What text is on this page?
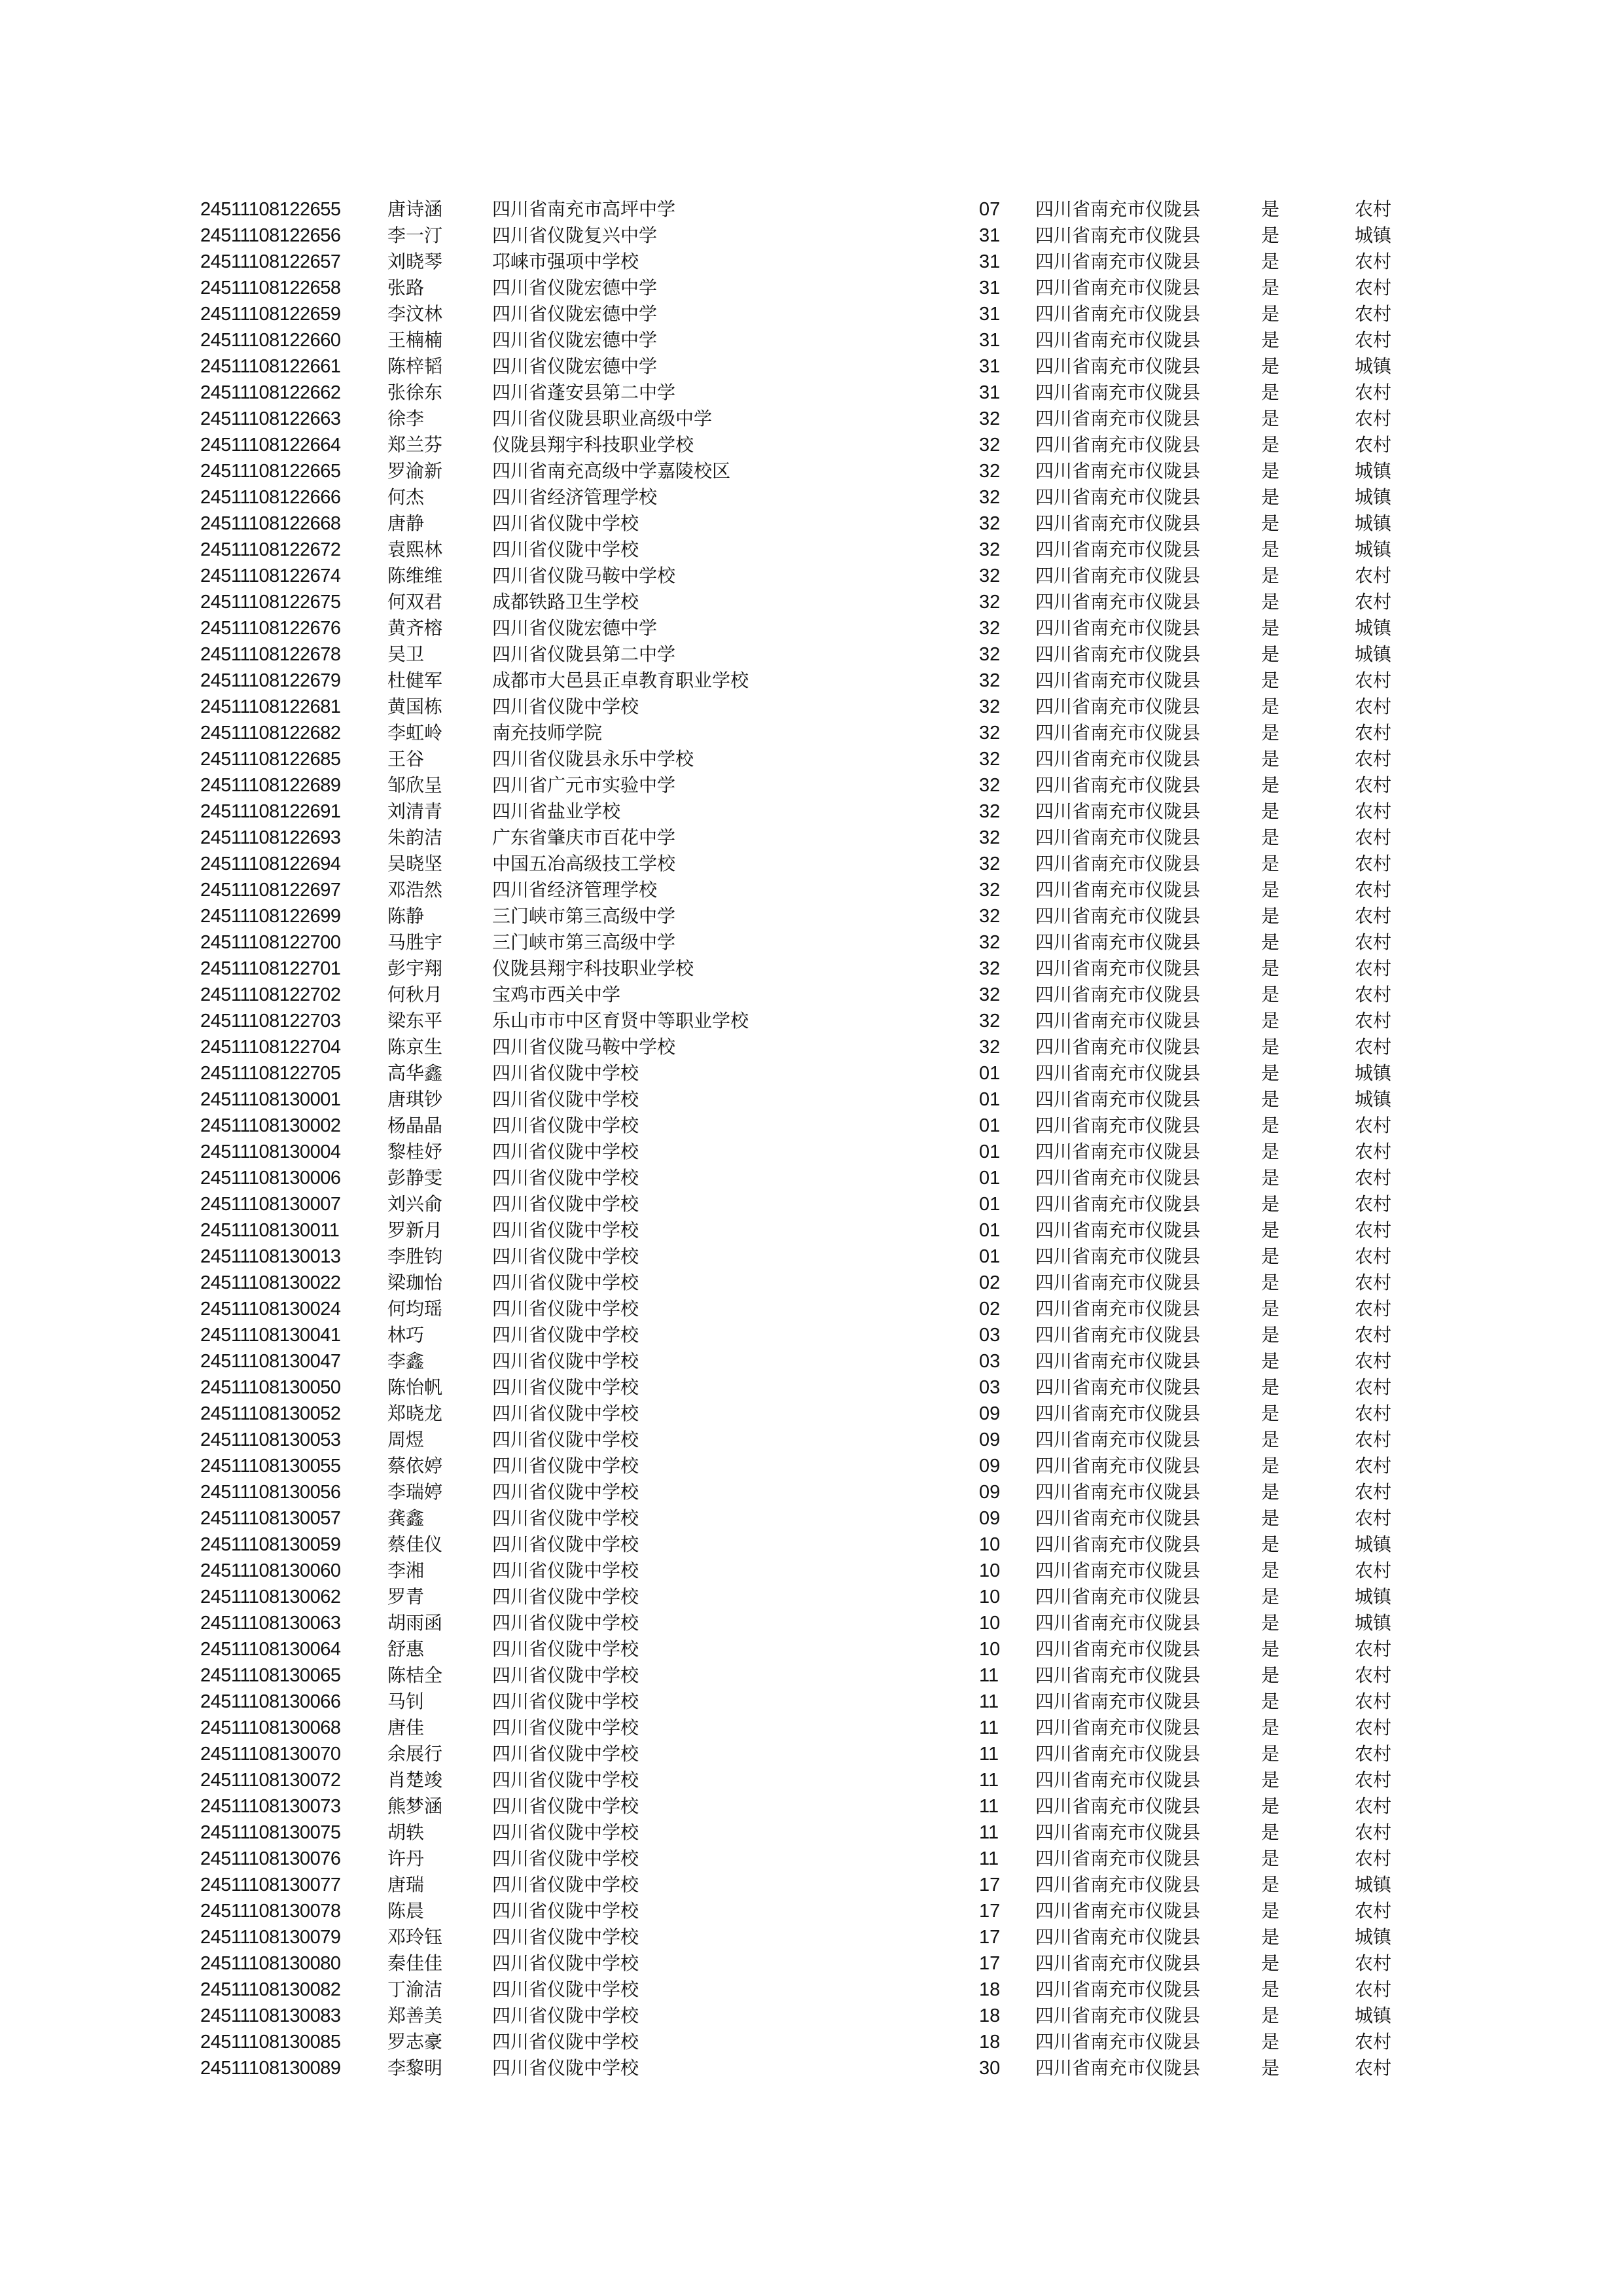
24511108122655	唐诗涵	四川省南充市高坪中学	07 四川省南充市仪陇县	是	农村
24511108122656	李一汀	四川省仪陇复兴中学	31 四川省南充市仪陇县	是	城镇
24511108122657	刘晓琴	邛崃市强项中学校	31 四川省南充市仪陇县	是	农村
24511108122658	张路	四川省仪陇宏德中学	31 四川省南充市仪陇县	是	农村
24511108122659	李汶林	四川省仪陇宏德中学	31 四川省南充市仪陇县	是	农村
24511108122660	王楠楠	四川省仪陇宏德中学	31 四川省南充市仪陇县	是	农村
24511108122661	陈梓韬	四川省仪陇宏德中学	31 四川省南充市仪陇县	是	城镇
24511108122662	张徐东	四川省蓬安县第二中学	31 四川省南充市仪陇县	是	农村
24511108122663	徐李	四川省仪陇县职业高级中学	32 四川省南充市仪陇县	是	农村
24511108122664	郑兰芬	仪陇县翔宇科技职业学校	32 四川省南充市仪陇县	是	农村
24511108122665	罗渝新	四川省南充高级中学嘉陵校区	32 四川省南充市仪陇县	是	城镇
24511108122666	何杰	四川省经济管理学校	32 四川省南充市仪陇县	是	城镇
24511108122668	唐静	四川省仪陇中学校	32 四川省南充市仪陇县	是	城镇
24511108122672	袁熙林	四川省仪陇中学校	32 四川省南充市仪陇县	是	城镇
24511108122674	陈维维	四川省仪陇马鞍中学校	32 四川省南充市仪陇县	是	农村
24511108122675	何双君	成都铁路卫生学校	32 四川省南充市仪陇县	是	农村
24511108122676	黄齐榕	四川省仪陇宏德中学	32 四川省南充市仪陇县	是	城镇
24511108122678	吴卫	四川省仪陇县第二中学	32 四川省南充市仪陇县	是	城镇
24511108122679	杜健军	成都市大邑县正卓教育职业学校	32 四川省南充市仪陇县	是	农村
24511108122681	黄国栋	四川省仪陇中学校	32 四川省南充市仪陇县	是	农村
24511108122682	李虹岭	南充技师学院	32 四川省南充市仪陇县	是	农村
24511108122685	王谷	四川省仪陇县永乐中学校	32 四川省南充市仪陇县	是	农村
24511108122689	邹欣呈	四川省广元市实验中学	32 四川省南充市仪陇县	是	农村
24511108122691	刘清青	四川省盐业学校	32 四川省南充市仪陇县	是	农村
24511108122693	朱韵洁	广东省肇庆市百花中学	32 四川省南充市仪陇县	是	农村
24511108122694	吴晓坚	中国五冶高级技工学校	32 四川省南充市仪陇县	是	农村
24511108122697	邓浩然	四川省经济管理学校	32 四川省南充市仪陇县	是	农村
24511108122699	陈静	三门峡市第三高级中学	32 四川省南充市仪陇县	是	农村
24511108122700	马胜宇	三门峡市第三高级中学	32 四川省南充市仪陇县	是	农村
24511108122701	彭宇翔	仪陇县翔宇科技职业学校	32 四川省南充市仪陇县	是	农村
24511108122702	何秋月	宝鸡市西关中学	32 四川省南充市仪陇县	是	农村
24511108122703	梁东平	乐山市市中区育贤中等职业学校	32 四川省南充市仪陇县	是	农村
24511108122704	陈京生	四川省仪陇马鞍中学校	32 四川省南充市仪陇县	是	农村
24511108122705	高华鑫	四川省仪陇中学校	01 四川省南充市仪陇县	是	城镇
24511108130001	唐琪钞	四川省仪陇中学校	01 四川省南充市仪陇县	是	城镇
24511108130002	杨晶晶	四川省仪陇中学校	01 四川省南充市仪陇县	是	农村
24511108130004	黎桂妤	四川省仪陇中学校	01 四川省南充市仪陇县	是	农村
24511108130006	彭静雯	四川省仪陇中学校	01 四川省南充市仪陇县	是	农村
24511108130007	刘兴俞	四川省仪陇中学校	01 四川省南充市仪陇县	是	农村
24511108130011	罗新月	四川省仪陇中学校	01 四川省南充市仪陇县	是	农村
24511108130013	李胜钧	四川省仪陇中学校	01 四川省南充市仪陇县	是	农村
24511108130022	梁珈怡	四川省仪陇中学校	02 四川省南充市仪陇县	是	农村
24511108130024	何均瑶	四川省仪陇中学校	02 四川省南充市仪陇县	是	农村
24511108130041	林巧	四川省仪陇中学校	03 四川省南充市仪陇县	是	农村
24511108130047	李鑫	四川省仪陇中学校	03 四川省南充市仪陇县	是	农村
24511108130050	陈怡帆	四川省仪陇中学校	03 四川省南充市仪陇县	是	农村
24511108130052	郑晓龙	四川省仪陇中学校	09 四川省南充市仪陇县	是	农村
24511108130053	周煜	四川省仪陇中学校	09 四川省南充市仪陇县	是	农村
24511108130055	蔡依婷	四川省仪陇中学校	09 四川省南充市仪陇县	是	农村
24511108130056	李瑞婷	四川省仪陇中学校	09 四川省南充市仪陇县	是	农村
24511108130057	龚鑫	四川省仪陇中学校	09 四川省南充市仪陇县	是	农村
24511108130059	蔡佳仪	四川省仪陇中学校	10 四川省南充市仪陇县	是	城镇
24511108130060	李湘	四川省仪陇中学校	10 四川省南充市仪陇县	是	农村
24511108130062	罗青	四川省仪陇中学校	10 四川省南充市仪陇县	是	城镇
24511108130063	胡雨函	四川省仪陇中学校	10 四川省南充市仪陇县	是	城镇
24511108130064	舒惠	四川省仪陇中学校	10 四川省南充市仪陇县	是	农村
24511108130065	陈桔全	四川省仪陇中学校	11 四川省南充市仪陇县	是	农村
24511108130066	马钊	四川省仪陇中学校	11 四川省南充市仪陇县	是	农村
24511108130068	唐佳	四川省仪陇中学校	11 四川省南充市仪陇县	是	农村
24511108130070	余展行	四川省仪陇中学校	11 四川省南充市仪陇县	是	农村
24511108130072	肖楚竣	四川省仪陇中学校	11 四川省南充市仪陇县	是	农村
24511108130073	熊梦涵	四川省仪陇中学校	11 四川省南充市仪陇县	是	农村
24511108130075	胡轶	四川省仪陇中学校	11 四川省南充市仪陇县	是	农村
24511108130076	许丹	四川省仪陇中学校	11 四川省南充市仪陇县	是	农村
24511108130077	唐瑞	四川省仪陇中学校	17 四川省南充市仪陇县	是	城镇
24511108130078	陈晨	四川省仪陇中学校	17 四川省南充市仪陇县	是	农村
24511108130079	邓玲钰	四川省仪陇中学校	17 四川省南充市仪陇县	是	城镇
24511108130080	秦佳佳	四川省仪陇中学校	17 四川省南充市仪陇县	是	农村
24511108130082	丁渝洁	四川省仪陇中学校	18 四川省南充市仪陇县	是	农村
24511108130083	郑善美	四川省仪陇中学校	18 四川省南充市仪陇县	是	城镇
24511108130085	罗志豪	四川省仪陇中学校	18 四川省南充市仪陇县	是	农村
24511108130089	李黎明	四川省仪陇中学校	30 四川省南充市仪陇县	是	农村
